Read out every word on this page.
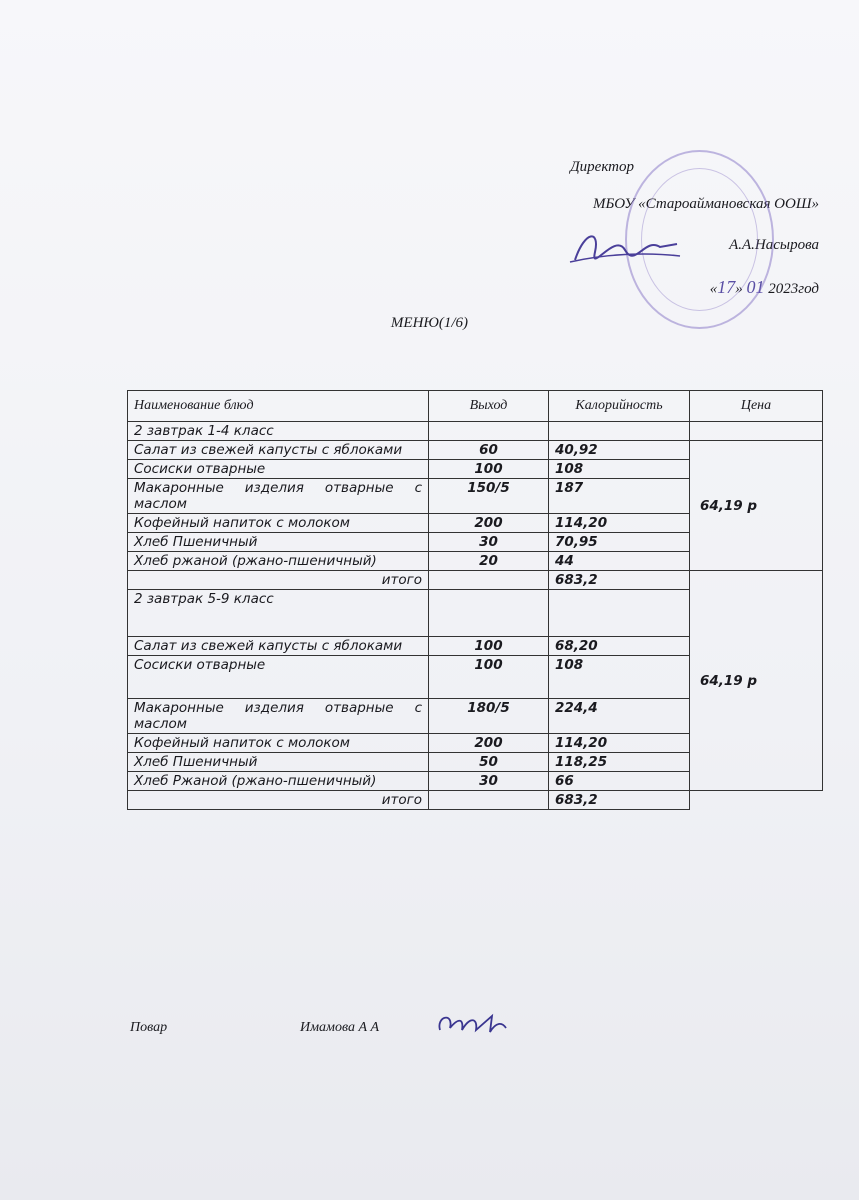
Директор
МБОУ «Староаймановская ООШ»
А.А.Насырова
«17» 01 2023год
МЕНЮ(1/6)
Наименование блюд	Выход	Калорийность	Цена
2 завтрак 1-4 класс			
Салат из свежей капусты с яблоками	60	40,92	64,19 р
Сосиски отварные	100	108	
Макаронные изделия отварные с маслом	150/5	187	
Кофейный напиток с молоком	200	114,20	
Хлеб Пшеничный	30	70,95	
Хлеб ржаной (ржано-пшеничный)	20	44	
итого		683,2	64,19 р
2 завтрак 5-9 класс			
Салат из свежей капусты с яблоками	100	68,20	
Сосиски отварные	100	108	
Макаронные изделия отварные с маслом	180/5	224,4	
Кофейный напиток с молоком	200	114,20	
Хлеб Пшеничный	50	118,25	
Хлеб Ржаной (ржано-пшеничный)	30	66	
итого		683,2	
Повар	Имамова А А
